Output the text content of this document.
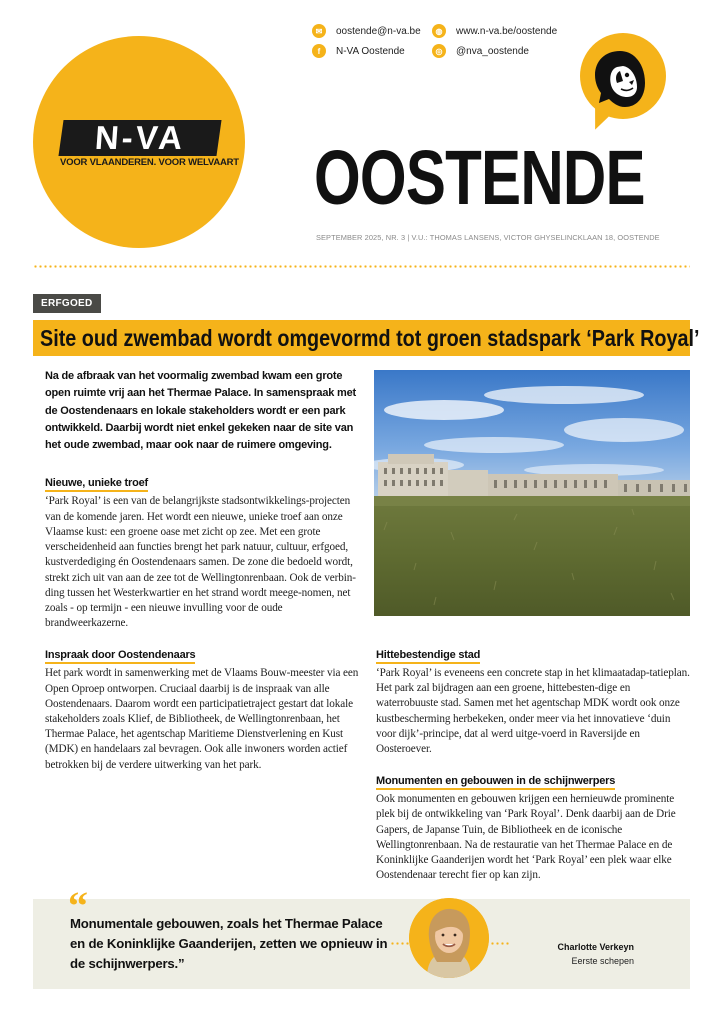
N-VA
VOOR VLAANDEREN. VOOR WELVAART
✉	oostende@n-va.be	◍	www.n-va.be/oostende
f	N-VA Oostende	◎	@nva_oostende
OOSTENDE
SEPTEMBER 2025, NR. 3 | V.U.: THOMAS LANSENS, VICTOR GHYSELINCKLAAN 18, OOSTENDE
ERFGOED
Site oud zwembad wordt omgevormd tot groen stadspark ‘Park Royal’

Na de afbraak van het voormalig zwembad kwam een grote open ruimte vrij aan het Thermae Palace. In samenspraak met de Oostendenaars en lokale stakeholders wordt er een park ontwikkeld. Daarbij wordt niet enkel gekeken naar de site van het oude zwembad, maar ook naar de ruimere omgeving.

Nieuwe, unieke troef

‘Park Royal’ is een van de belangrijkste stadsontwikkelings-projecten van de komende jaren. Het wordt een nieuwe, unieke troef aan onze Vlaamse kust: een groene oase met zicht op zee. Met een grote verscheidenheid aan functies brengt het park natuur, cultuur, erfgoed, kustverdediging én Oostendenaars samen. De zone die bedoeld wordt, strekt zich uit van aan de zee tot de Wellingtonrenbaan. Ook de verbin-ding tussen het Westerkwartier en het strand wordt meege-nomen, net zoals - op termijn - een nieuwe invulling voor de oude brandweerkazerne.

Inspraak door Oostendenaars

Het park wordt in samenwerking met de Vlaams Bouw-meester via een Open Oproep ontworpen. Cruciaal daarbij is de inspraak van alle Oostendenaars. Daarom wordt een participatietraject gestart dat lokale stakeholders zoals Klief, de Bibliotheek, de Wellingtonrenbaan, het Thermae Palace, het agentschap Maritieme Dienstverlening en Kust (MDK) en handelaars zal bevragen. Ook alle inwoners worden actief betrokken bij de verdere uitwerking van het park.

Hittebestendige stad

‘Park Royal’ is eveneens een concrete stap in het klimaatadap-tatieplan. Het park zal bijdragen aan een groene, hittebesten-dige en waterrobuuste stad. Samen met het agentschap MDK wordt ook onze kustbescherming herbekeken, onder meer via het innovatieve ‘duin voor dijk’-principe, dat al werd uitge-voerd in Raversijde en Oosteroever.

Monumenten en gebouwen in de schijnwerpers

Ook monumenten en gebouwen krijgen een hernieuwde prominente plek bij de ontwikkeling van ‘Park Royal’. Denk daarbij aan de Drie Gapers, de Japanse Tuin, de Bibliotheek en de iconische Wellingtonrenbaan. Na de restauratie van het Thermae Palace en de Koninklijke Gaanderijen wordt het ‘Park Royal’ een plek waar elke Oostendenaar terecht fier op kan zijn.

“
Monumentale gebouwen, zoals het Thermae Palace en de Koninklijke Gaanderijen, zetten we opnieuw in de schijnwerpers.”
Charlotte Verkeyn
Eerste schepen
